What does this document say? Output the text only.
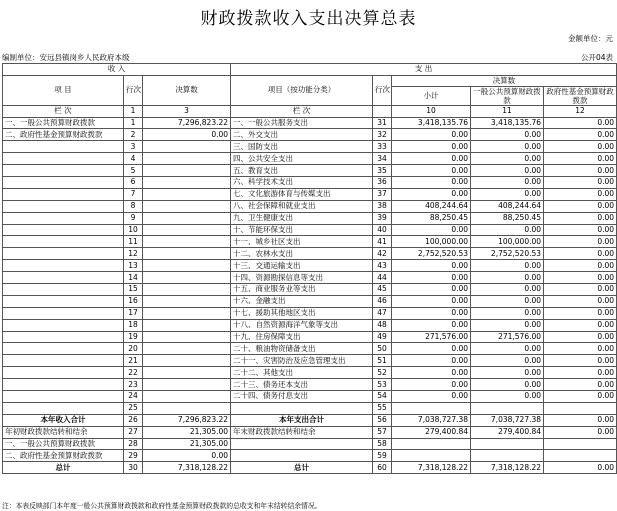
财政拨款收入支出决算总表
金额单位：元
编制单位：安远县镇岗乡人民政府本级	公开04表
收 入			支 出				
项 目	行次	决算数	项目（按功能分类）	行次	决算数		
					小计	一般公共预算财政拨款	政府性基金预算财政拨款

栏 次	1	3	栏 次		10	11	12
一、一般公共预算财政拨款	1	7,296,823.22	一、一般公共服务支出	31	3,418,135.76	3,418,135.76	0.00
二、政府性基金预算财政拨款	2	0.00	二、外交支出	32	0.00	0.00	0.00
	3		三、国防支出	33	0.00	0.00	0.00
	4		四、公共安全支出	34	0.00	0.00	0.00
	5		五、教育支出	35	0.00	0.00	0.00
	6		六、科学技术支出	36	0.00	0.00	0.00
	7		七、文化旅游体育与传媒支出	37	0.00	0.00	0.00
	8		八、社会保障和就业支出	38	408,244.64	408,244.64	0.00
	9		九、卫生健康支出	39	88,250.45	88,250.45	0.00
	10		十、节能环保支出	40	0.00	0.00	0.00
	11		十一、城乡社区支出	41	100,000.00	100,000.00	0.00
	12		十二、农林水支出	42	2,752,520.53	2,752,520.53	0.00
	13		十三、交通运输支出	43	0.00	0.00	0.00
	14		十四、资源勘探信息等支出	44	0.00	0.00	0.00
	15		十五、商业服务业等支出	45	0.00	0.00	0.00
	16		十六、金融支出	46	0.00	0.00	0.00
	17		十七、援助其他地区支出	47	0.00	0.00	0.00
	18		十八、自然资源海洋气象等支出	48	0.00	0.00	0.00
	19		十九、住房保障支出	49	271,576.00	271,576.00	0.00
	20		二十、粮油物资储备支出	50	0.00	0.00	0.00
	21		二十一、灾害防治及应急管理支出	51	0.00	0.00	0.00
	22		二十二、其他支出	52	0.00	0.00	0.00
	23		二十三、债务还本支出	53	0.00	0.00	0.00
	24		二十四、债务付息支出	54	0.00	0.00	0.00
	25			55			
本年收入合计	26	7,296,823.22	本年支出合计	56	7,038,727.38	7,038,727.38	0.00
年初财政拨款结转和结余	27	21,305.00	年末财政拨款结转和结余	57	279,400.84	279,400.84	0.00
一、一般公共预算财政拨款	28	21,305.00		58			
二、政府性基金预算财政拨款	29	0.00		59			
总计	30	7,318,128.22	总计	60	7,318,128.22	7,318,128.22	0.00
注：本表反映部门本年度一般公共预算财政拨款和政府性基金预算财政拨款的总收支和年末结转结余情况。
